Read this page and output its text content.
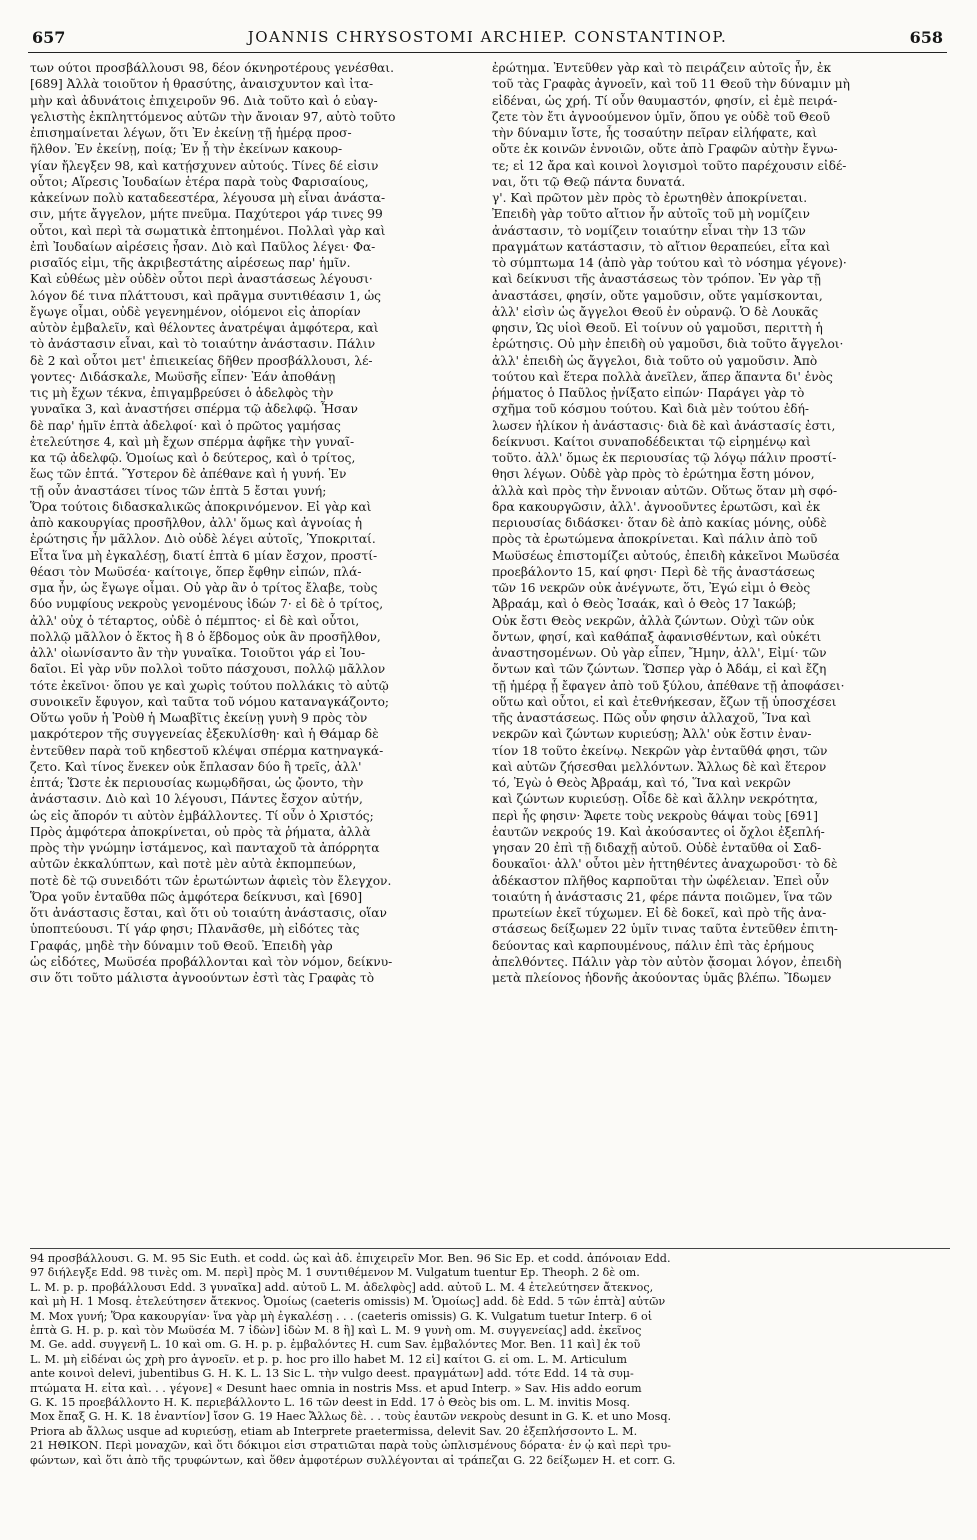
657	JOANNIS CHRYSOSTOMI ARCHIEP. CONSTANTINOP.	658
των ούτοι προσβάλλουσι 98, δέον όκνηροτέρους γενέσθαι.
[689] Ἀλλὰ τοιοῦτον ἡ θρασύτης, ἀναισχυντον καὶ ἰτα-
μὴν καὶ ἀδυνάτοις ἐπιχειροῦν 96. Διὰ τοῦτο καὶ ὁ εὐαγ-
γελιστὴς ἐκπληττόμενος αὐτῶν τὴν ἄνοιαν 97, αὐτὸ τοῦτο
ἐπισημαίνεται λέγων, ὅτι Ἐν ἐκείνῃ τῇ ἡμέρᾳ προσ-
ῆλθον. Ἐν ἐκείνῃ, ποίᾳ; Ἐν ᾗ τὴν ἐκείνων κακουρ-
γίαν ἤλεγξεν 98, καὶ κατῄσχυνεν αὐτούς. Τίνες δέ εἰσιν
οὗτοι; Αἵρεσις Ἰουδαίων ἑτέρα παρὰ τοὺς Φαρισαίους,
κἀκείνων πολὺ καταδεεστέρα, λέγουσα μὴ εἶναι ἀνάστα-
σιν, μήτε ἄγγελον, μήτε πνεῦμα. Παχύτεροι γάρ τινες 99
οὗτοι, καὶ περὶ τὰ σωματικὰ ἐπτοημένοι. Πολλαὶ γὰρ καὶ
ἐπὶ Ἰουδαίων αἱρέσεις ἦσαν. Διὸ καὶ Παῦλος λέγει· Φα-
ρισαῖός εἰμι, τῆς ἀκριβεστάτης αἱρέσεως παρ' ἡμῖν.
Καὶ εὐθέως μὲν οὐδὲν οὗτοι περὶ ἀναστάσεως λέγουσι·
λόγον δέ τινα πλάττουσι, καὶ πρᾶγμα συντιθέασιν 1, ὡς
ἔγωγε οἶμαι, οὐδὲ γεγενημένον, οἰόμενοι εἰς ἀπορίαν
αὐτὸν ἐμβαλεῖν, καὶ θέλοντες ἀνατρέψαι ἀμφότερα, καὶ
τὸ ἀνάστασιν εἶναι, καὶ τὸ τοιαύτην ἀνάστασιν. Πάλιν
δὲ 2 καὶ οὗτοι μετ' ἐπιεικείας δῆθεν προσβάλλουσι, λέ-
γοντες· Διδάσκαλε, Μωϋσῆς εἶπεν· Ἐάν ἀποθάνῃ
τις μὴ ἔχων τέκνα, ἐπιγαμβρεύσει ὁ ἀδελφὸς τὴν
γυναῖκα 3, καὶ ἀναστήσει σπέρμα τῷ ἀδελφῷ. Ἦσαν
δὲ παρ' ἡμῖν ἑπτὰ ἀδελφοί· καὶ ὁ πρῶτος γαμήσας
ἐτελεύτησε 4, καὶ μὴ ἔχων σπέρμα ἀφῆκε τὴν γυναῖ-
κα τῷ ἀδελφῷ. Ὁμοίως καὶ ὁ δεύτερος, καὶ ὁ τρίτος,
ἕως τῶν ἑπτά. Ὕστερον δὲ ἀπέθανε καὶ ἡ γυνή. Ἐν
τῇ οὖν ἀναστάσει τίνος τῶν ἑπτὰ 5 ἔσται γυνή;
Ὅρα τούτοις διδασκαλικῶς ἀποκρινόμενον. Εἰ γὰρ καὶ
ἀπὸ κακουργίας προσῆλθον, ἀλλ' ὅμως καὶ ἀγνοίας ἡ
ἐρώτησις ἦν μᾶλλον. Διὸ οὐδὲ λέγει αὐτοῖς, Ὑποκριταί.
Εἶτα ἵνα μὴ ἐγκαλέσῃ, διατί ἑπτὰ 6 μίαν ἔσχον, προστί-
θέασι τὸν Μωϋσέα· καίτοιγε, ὅπερ ἔφθην εἰπών, πλά-
σμα ἦν, ὡς ἔγωγε οἶμαι. Οὐ γὰρ ἂν ὁ τρίτος ἔλαβε, τοὺς
δύο νυμφίους νεκροὺς γενομένους ἰδών 7· εἰ δὲ ὁ τρίτος,
ἀλλ' οὐχ ὁ τέταρτος, οὐδὲ ὁ πέμπτος· εἰ δὲ καὶ οὗτοι,
πολλῷ μᾶλλον ὁ ἕκτος ἢ 8 ὁ ἕβδομος οὐκ ἂν προσῆλθον,
ἀλλ' οἰωνίσαντο ἂν τὴν γυναῖκα. Τοιοῦτοι γάρ εἰ Ἰου-
δαῖοι. Εἰ γὰρ νῦν πολλοὶ τοῦτο πάσχουσι, πολλῷ μᾶλλον
τότε ἐκεῖνοι· ὅπου γε καὶ χωρὶς τούτου πολλάκις τὸ αὐτῷ
συνοικεῖν ἔφυγον, καὶ ταῦτα τοῦ νόμου καταναγκάζοντο;
Οὕτω γοῦν ἡ Ῥοὺθ ἡ Μωαβῖτις ἐκείνῃ γυνὴ 9 πρὸς τὸν
μακρότερον τῆς συγγενείας ἐξεκυλίσθη· καὶ ἡ Θάμαρ δὲ
ἐντεῦθεν παρὰ τοῦ κηδεστοῦ κλέψαι σπέρμα κατηναγκά-
ζετο. Καὶ τίνος ἕνεκεν οὐκ ἔπλασαν δύο ἢ τρεῖς, ἀλλ'
ἑπτά; Ὥστε ἐκ περιουσίας κωμῳδῆσαι, ὡς ᾤοντο, τὴν
ἀνάστασιν. Διὸ καὶ 10 λέγουσι, Πάντες ἔσχον αὐτήν,
ὡς εἰς ἄπορόν τι αὐτὸν ἐμβάλλοντες. Τί οὖν ὁ Χριστός;
Πρὸς ἀμφότερα ἀποκρίνεται, οὐ πρὸς τὰ ῥήματα, ἀλλὰ
πρὸς τὴν γνώμην ἱστάμενος, καὶ πανταχοῦ τὰ ἀπόρρητα
αὐτῶν ἐκκαλύπτων, καὶ ποτὲ μὲν αὐτὰ ἐκπομπεύων,
ποτὲ δὲ τῷ συνειδότι τῶν ἐρωτώντων ἀφιεὶς τὸν ἔλεγχον.
Ὅρα γοῦν ἐνταῦθα πῶς ἀμφότερα δείκνυσι, καὶ [690]
ὅτι ἀνάστασις ἔσται, καὶ ὅτι οὐ τοιαύτη ἀνάστασις, οἵαν
ὑποπτεύουσι. Τί γάρ φησι; Πλανᾶσθε, μὴ εἰδότες τὰς
Γραφάς, μηδὲ τὴν δύναμιν τοῦ Θεοῦ. Ἐπειδὴ γὰρ
ὡς εἰδότες, Μωϋσέα προβάλλονται καὶ τὸν νόμον, δείκνυ-
σιν ὅτι τοῦτο μάλιστα ἀγνοούντων ἐστὶ τὰς Γραφὰς τὸ
ἐρώτημα. Ἐντεῦθεν γὰρ καὶ τὸ πειράζειν αὐτοῖς ἦν, ἐκ
τοῦ τὰς Γραφὰς ἀγνοεῖν, καὶ τοῦ 11 Θεοῦ τὴν δύναμιν μὴ
εἰδέναι, ὡς χρή. Τί οὖν θαυμαστόν, φησίν, εἰ ἐμὲ πειρά-
ζετε τὸν ἔτι ἀγνοούμενον ὑμῖν, ὅπου γε οὐδὲ τοῦ Θεοῦ
τὴν δύναμιν ἴστε, ἧς τοσαύτην πεῖραν εἰλήφατε, καὶ
οὔτε ἐκ κοινῶν ἐννοιῶν, οὔτε ἀπὸ Γραφῶν αὐτὴν ἔγνω-
τε; εἰ 12 ἄρα καὶ κοινοὶ λογισμοὶ τοῦτο παρέχουσιν εἰδέ-
ναι, ὅτι τῷ Θεῷ πάντα δυνατά.
γ'. Καὶ πρῶτον μὲν πρὸς τὸ ἐρωτηθὲν ἀποκρίνεται.
Ἐπειδὴ γὰρ τοῦτο αἴτιον ἦν αὐτοῖς τοῦ μὴ νομίζειν
ἀνάστασιν, τὸ νομίζειν τοιαύτην εἶναι τὴν 13 τῶν
πραγμάτων κατάστασιν, τὸ αἴτιον θεραπεύει, εἶτα καὶ
τὸ σύμπτωμα 14 (ἀπὸ γὰρ τούτου καὶ τὸ νόσημα γέγονε)·
καὶ δείκνυσι τῆς ἀναστάσεως τὸν τρόπον. Ἐν γὰρ τῇ
ἀναστάσει, φησίν, οὔτε γαμοῦσιν, οὔτε γαμίσκονται,
ἀλλ' εἰσὶν ὡς ἄγγελοι Θεοῦ ἐν οὐρανῷ. Ὁ δὲ Λουκᾶς
φησιν, Ὡς υἱοὶ Θεοῦ. Εἰ τοίνυν οὐ γαμοῦσι, περιττὴ ἡ
ἐρώτησις. Οὐ μὴν ἐπειδὴ οὐ γαμοῦσι, διὰ τοῦτο ἄγγελοι·
ἀλλ' ἐπειδὴ ὡς ἄγγελοι, διὰ τοῦτο οὐ γαμοῦσιν. Ἀπὸ
τούτου καὶ ἕτερα πολλὰ ἀνεῖλεν, ἅπερ ἅπαντα δι' ἑνὸς
ῥήματος ὁ Παῦλος ᾐνίξατο εἰπών· Παράγει γὰρ τὸ
σχῆμα τοῦ κόσμου τούτου. Καὶ διὰ μὲν τούτου ἐδή-
λωσεν ἡλίκον ἡ ἀνάστασις· διὰ δὲ καὶ ἀνάστασίς ἐστι,
δείκνυσι. Καίτοι συναποδέδεικται τῷ εἰρημένῳ καὶ
τοῦτο. ἀλλ' ὅμως ἐκ περιουσίας τῷ λόγῳ πάλιν προστί-
θησι λέγων. Οὐδὲ γὰρ πρὸς τὸ ἐρώτημα ἔστη μόνον,
ἀλλὰ καὶ πρὸς τὴν ἔννοιαν αὐτῶν. Οὕτως ὅταν μὴ σφό-
δρα κακουργῶσιν, ἀλλ'. ἀγνοοῦντες ἐρωτῶσι, καὶ ἐκ
περιουσίας διδάσκει· ὅταν δὲ ἀπὸ κακίας μόνης, οὐδὲ
πρὸς τὰ ἐρωτώμενα ἀποκρίνεται. Καὶ πάλιν ἀπὸ τοῦ
Μωϋσέως ἐπιστομίζει αὐτούς, ἐπειδὴ κἀκεῖνοι Μωϋσέα
προεβάλοντο 15, καί φησι· Περὶ δὲ τῆς ἀναστάσεως
τῶν 16 νεκρῶν οὐκ ἀνέγνωτε, ὅτι, Ἐγώ εἰμι ὁ Θεὸς
Ἀβραάμ, καὶ ὁ Θεὸς Ἰσαάκ, καὶ ὁ Θεὸς 17 Ἰακώβ;
Οὐκ ἔστι Θεὸς νεκρῶν, ἀλλὰ ζώντων. Οὐχὶ τῶν οὐκ
ὄντων, φησί, καὶ καθάπαξ ἀφανισθέντων, καὶ οὐκέτι
ἀναστησομένων. Οὐ γὰρ εἶπεν, Ἤμην, ἀλλ', Εἰμί· τῶν
ὄντων καὶ τῶν ζώντων. Ὥσπερ γὰρ ὁ Ἀδάμ, εἰ καὶ ἔζη
τῇ ἡμέρᾳ ᾗ ἔφαγεν ἀπὸ τοῦ ξύλου, ἀπέθανε τῇ ἀποφάσει·
οὕτω καὶ οὗτοι, εἰ καὶ ἐτεθνήκεσαν, ἔζων τῇ ὑποσχέσει
τῆς ἀναστάσεως. Πῶς οὖν φησιν ἀλλαχοῦ, Ἵνα καὶ
νεκρῶν καὶ ζώντων κυριεύσῃ; Ἀλλ' οὐκ ἔστιν ἐναν-
τίον 18 τοῦτο ἐκείνῳ. Νεκρῶν γὰρ ἐνταῦθά φησι, τῶν
καὶ αὐτῶν ζήσεσθαι μελλόντων. Ἄλλως δὲ καὶ ἕτερον
τό, Ἐγὼ ὁ Θεὸς Ἀβραάμ, καὶ τό, Ἵνα καὶ νεκρῶν
καὶ ζώντων κυριεύσῃ. Οἶδε δὲ καὶ ἄλλην νεκρότητα,
περὶ ἧς φησιν· Ἄφετε τοὺς νεκροὺς θάψαι τοὺς [691]
ἑαυτῶν νεκρούς 19. Καὶ ἀκούσαντες οἱ ὄχλοι ἐξεπλή-
γησαν 20 ἐπὶ τῇ διδαχῇ αὐτοῦ. Οὐδὲ ἐνταῦθα οἱ Σαδ-
δουκαῖοι· ἀλλ' οὗτοι μὲν ἡττηθέντες ἀναχωροῦσι· τὸ δὲ
ἀδέκαστον πλῆθος καρποῦται τὴν ὠφέλειαν. Ἐπεὶ οὖν
τοιαύτη ἡ ἀνάστασις 21, φέρε πάντα ποιῶμεν, ἵνα τῶν
πρωτείων ἐκεῖ τύχωμεν. Εἰ δὲ δοκεῖ, καὶ πρὸ τῆς ἀνα-
στάσεως δείξωμεν 22 ὑμῖν τινας ταῦτα ἐντεῦθεν ἐπιτη-
δεύοντας καὶ καρπουμένους, πάλιν ἐπὶ τὰς ἐρήμους
ἀπελθόντες. Πάλιν γὰρ τὸν αὐτὸν ᾄσομαι λόγον, ἐπειδὴ
μετὰ πλείονος ἡδονῆς ἀκούοντας ὑμᾶς βλέπω. Ἴδωμεν
94 προσβάλλουσι. G. M. 95 Sic Euth. et codd. ὡς καὶ ἀδ. ἐπιχειρεῖν Mor. Ben. 96 Sic Ep. et codd. ἀπόνοιαν Edd.
97 διήλεγξε Edd. 98 τινὲς om. M. περὶ] πρὸς M. 1 συντιθέμενον M. Vulgatum tuentur Ep. Theoph. 2 δὲ om.
L. M. p. p. προβάλλουσι Edd. 3 γυναῖκα] add. αὐτοῦ L. M. ἀδελφὸς] add. αὐτοῦ L. M. 4 ἐτελεύτησεν ἄτεκνος,
καὶ μὴ H. 1 Mosq. ἐτελεύτησεν ἄτεκνος. Ὁμοίως (caeteris omissis) M. Ὁμοίως] add. δὲ Edd. 5 τῶν ἑπτὰ] αὐτῶν
M. Mox γυνή; Ὅρα κακουργίαν· ἵνα γὰρ μὴ ἐγκαλέσῃ . . . (caeteris omissis) G. K. Vulgatum tuetur Interp. 6 οἱ
ἑπτὰ G. H. p. p. καὶ τὸν Μωϋσέα M. 7 ἰδὼν] ἰδὼν M. 8 ἢ] καὶ L. M. 9 γυνὴ om. M. συγγενείας] add. ἐκεῖνος
M. Ge. add. συγγενῆ L. 10 καὶ om. G. H. p. p. ἐμβαλόντες H. cum Sav. ἐμβαλόντες Mor. Ben. 11 καὶ] ἐκ τοῦ
L. M. μὴ εἰδέναι ὡς χρὴ pro ἀγνοεῖν. et p. p. hoc pro illo habet M. 12 εἰ] καίτοι G. εἰ om. L. M. Articulum
ante κοινοὶ delevi, jubentibus G. H. K. L. 13 Sic L. τὴν vulgo deest. πραγμάτων] add. τότε Edd. 14 τὰ συμ-
πτώματα H. εἶτα καὶ. . . γέγονε] « Desunt haec omnia in nostris Mss. et apud Interp. » Sav. His addo eorum
G. K. 15 προεβάλλοντο H. K. περιεβάλλοντο L. 16 τῶν deest in Edd. 17 ὁ Θεὸς bis om. L. M. invitis Mosq.
Mox ἔπαξ G. H. K. 18 ἐναντίον] ἴσον G. 19 Haec Ἄλλως δὲ. . . τοὺς ἑαυτῶν νεκροὺς desunt in G. K. et uno Mosq.
Priora ab ἄλλως usque ad κυριεύσῃ, etiam ab Interprete praetermissa, delevit Sav. 20 ἐξεπλήσσοντο L. M.
21 ΗΘΙΚΟΝ. Περὶ μοναχῶν, καὶ ὅτι δόκιμοι εἰσι στρατιῶται παρὰ τοὺς ὡπλισμένους δόρατα· ἐν ᾧ καὶ περὶ τρυ-
φώντων, καὶ ὅτι ἀπὸ τῆς τρυφώντων, καὶ ὅθεν ἀμφοτέρων συλλέγονται αἱ τράπεζαι G. 22 δείξωμεν H. et corr. G.
